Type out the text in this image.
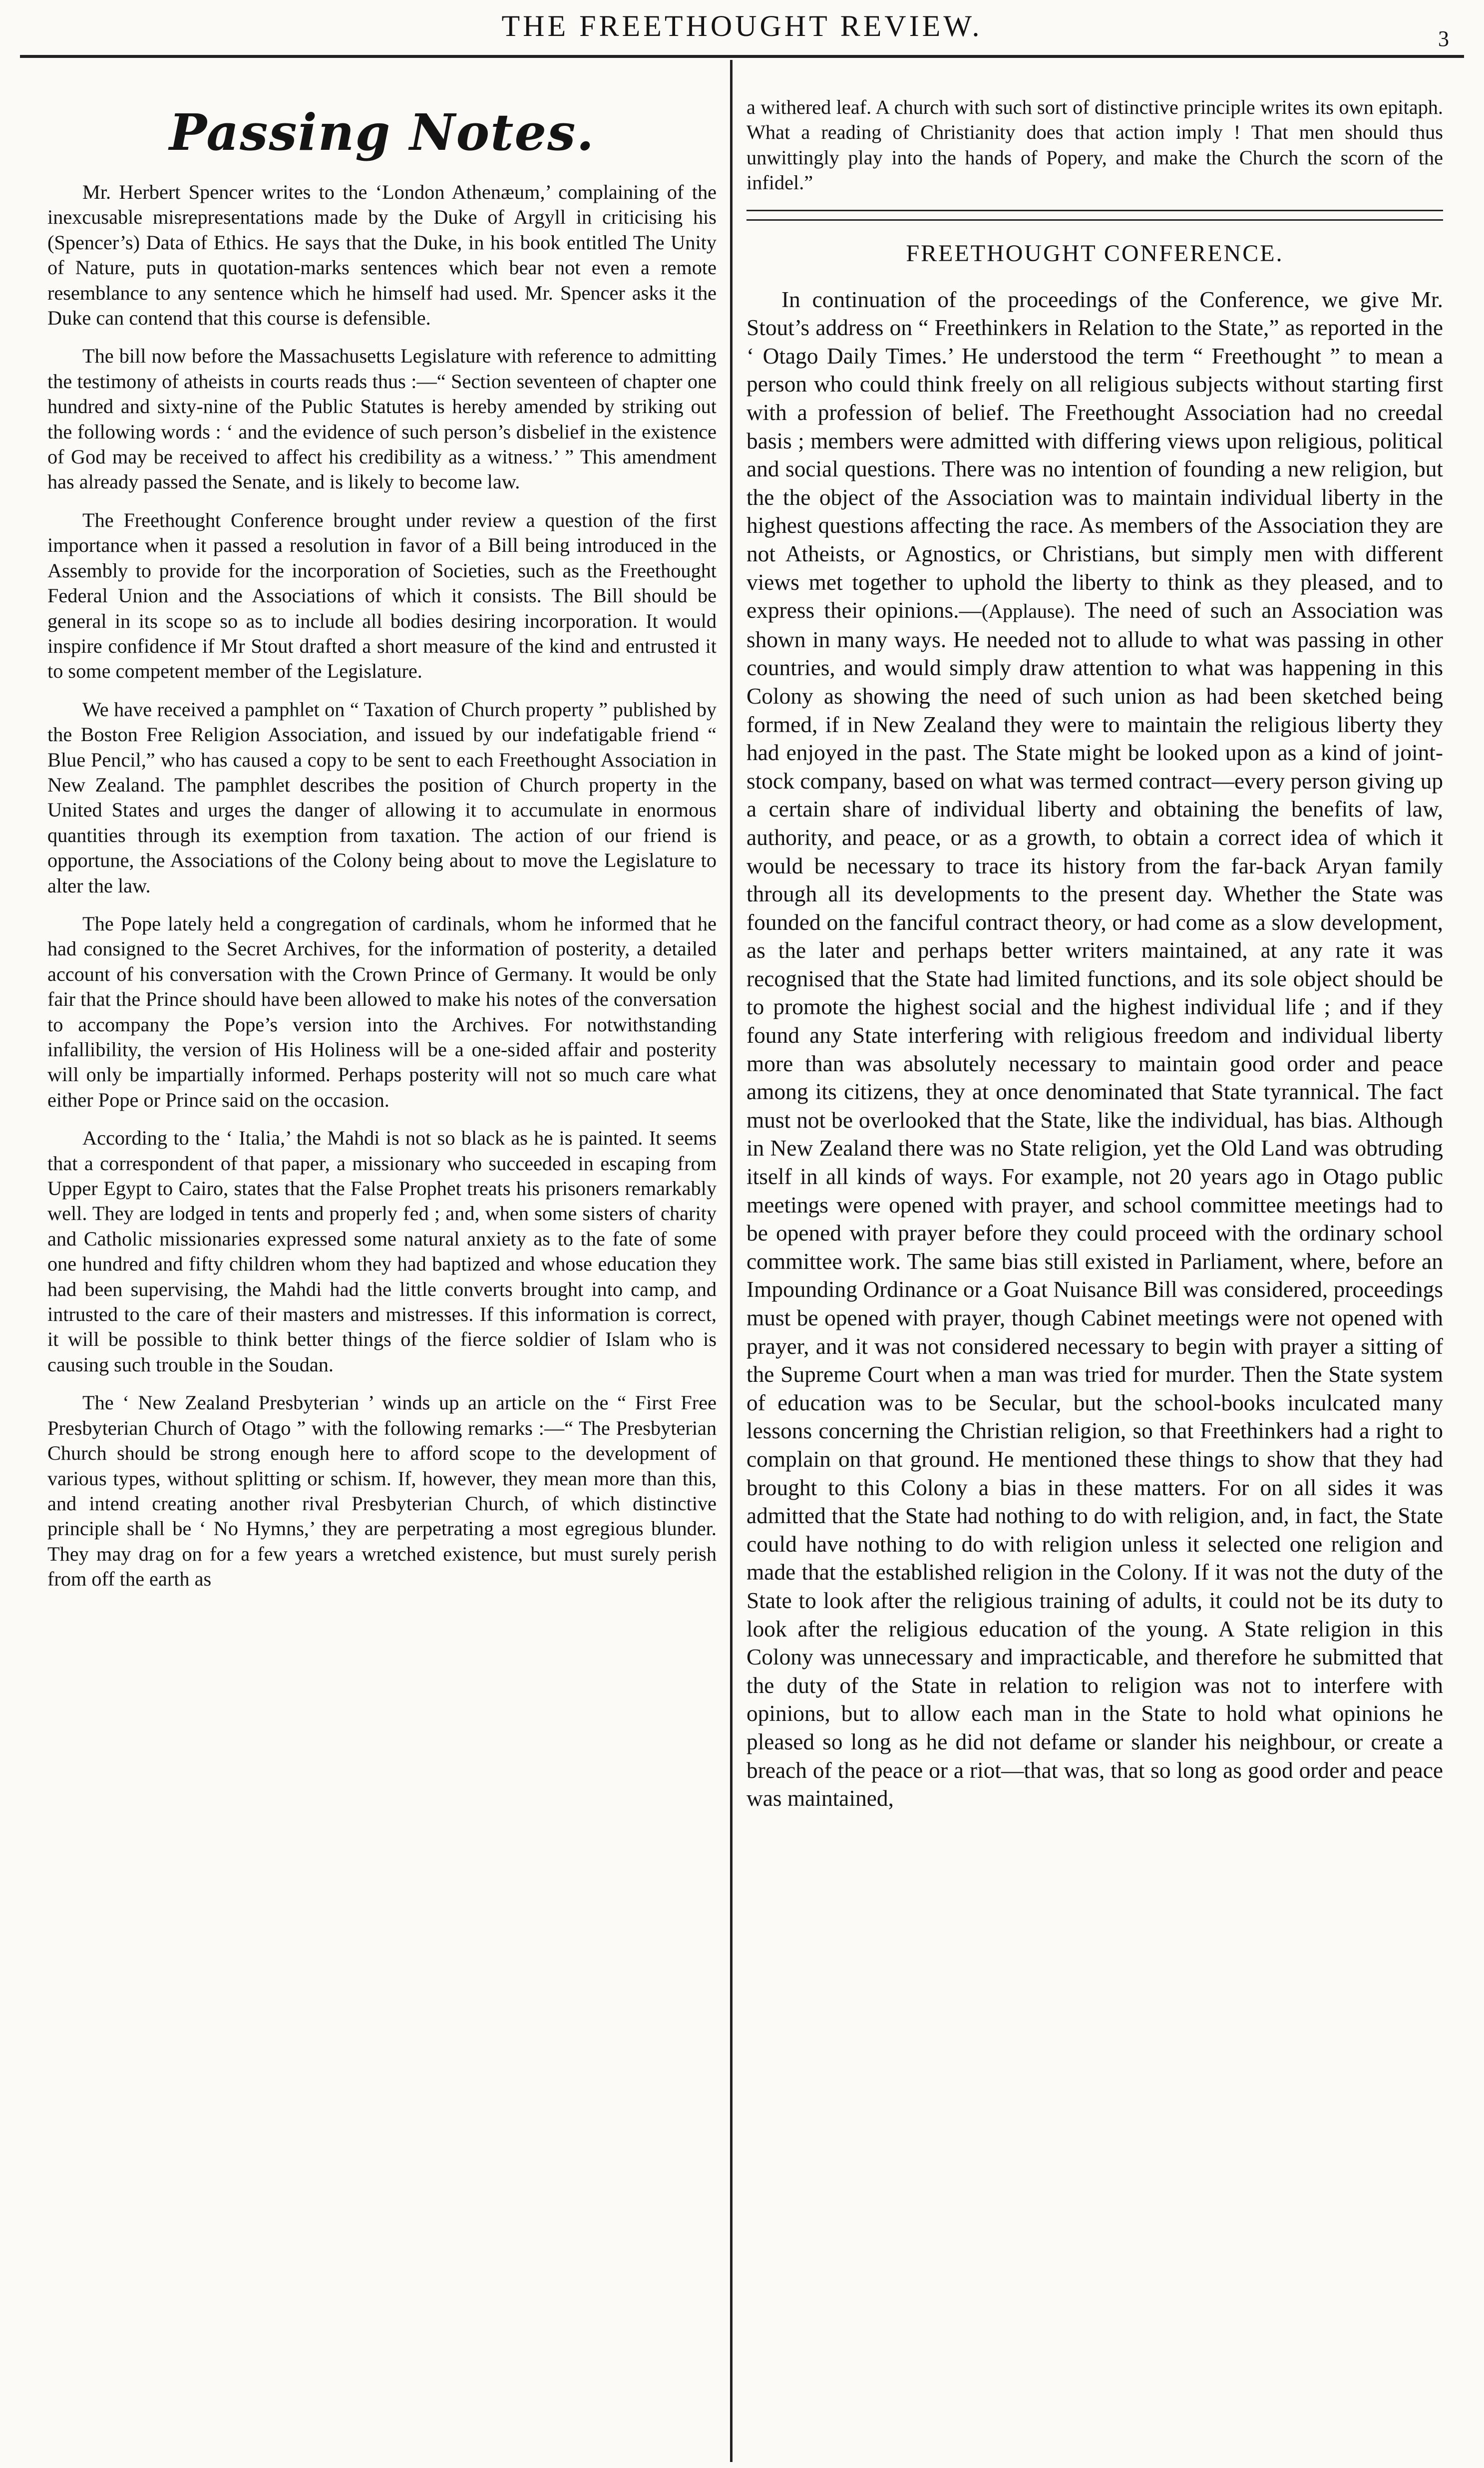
THE FREETHOUGHT REVIEW.	3
Passing Notes.

Mr. Herbert Spencer writes to the ‘London Athenæum,’ complaining of the inexcusable misrepresentations made by the Duke of Argyll in criticising his (Spencer’s) Data of Ethics. He says that the Duke, in his book entitled The Unity of Nature, puts in quotation-marks sentences which bear not even a remote resemblance to any sentence which he himself had used. Mr. Spencer asks it the Duke can contend that this course is defensible.

The bill now before the Massachusetts Legislature with reference to admitting the testimony of atheists in courts reads thus :—“ Section seventeen of chapter one hundred and sixty-nine of the Public Statutes is hereby amended by striking out the following words : ‘ and the evidence of such person’s disbelief in the existence of God may be received to affect his credibility as a witness.’ ” This amendment has already passed the Senate, and is likely to become law.

The Freethought Conference brought under review a question of the first importance when it passed a resolution in favor of a Bill being introduced in the Assembly to provide for the incorporation of Societies, such as the Freethought Federal Union and the Associations of which it consists. The Bill should be general in its scope so as to include all bodies desiring incorporation. It would inspire confidence if Mr Stout drafted a short measure of the kind and entrusted it to some competent member of the Legislature.

We have received a pamphlet on “ Taxation of Church property ” published by the Boston Free Religion Association, and issued by our indefatigable friend “ Blue Pencil,” who has caused a copy to be sent to each Freethought Association in New Zealand. The pamphlet describes the position of Church property in the United States and urges the danger of allowing it to accumulate in enormous quantities through its exemption from taxation. The action of our friend is opportune, the Associations of the Colony being about to move the Legislature to alter the law.

The Pope lately held a congregation of cardinals, whom he informed that he had consigned to the Secret Archives, for the information of posterity, a detailed account of his conversation with the Crown Prince of Germany. It would be only fair that the Prince should have been allowed to make his notes of the conversation to accompany the Pope’s version into the Archives. For notwithstanding infallibility, the version of His Holiness will be a one-sided affair and posterity will only be impartially informed. Perhaps posterity will not so much care what either Pope or Prince said on the occasion.

According to the ‘ Italia,’ the Mahdi is not so black as he is painted. It seems that a correspondent of that paper, a missionary who succeeded in escaping from Upper Egypt to Cairo, states that the False Prophet treats his prisoners remarkably well. They are lodged in tents and properly fed ; and, when some sisters of charity and Catholic missionaries expressed some natural anxiety as to the fate of some one hundred and fifty children whom they had baptized and whose education they had been supervising, the Mahdi had the little converts brought into camp, and intrusted to the care of their masters and mistresses. If this information is correct, it will be possible to think better things of the fierce soldier of Islam who is causing such trouble in the Soudan.

The ‘ New Zealand Presbyterian ’ winds up an article on the “ First Free Presbyterian Church of Otago ” with the following remarks :—“ The Presbyterian Church should be strong enough here to afford scope to the development of various types, without splitting or schism. If, however, they mean more than this, and intend creating another rival Presbyterian Church, of which distinctive principle shall be ‘ No Hymns,’ they are perpetrating a most egregious blunder. They may drag on for a few years a wretched existence, but must surely perish from off the earth as

a withered leaf. A church with such sort of distinctive principle writes its own epitaph. What a reading of Christianity does that action imply ! That men should thus unwittingly play into the hands of Popery, and make the Church the scorn of the infidel.”

FREETHOUGHT CONFERENCE.

In continuation of the proceedings of the Conference, we give Mr. Stout’s address on “ Freethinkers in Relation to the State,” as reported in the ‘ Otago Daily Times.’ He understood the term “ Freethought ” to mean a person who could think freely on all religious subjects without starting first with a profession of belief. The Freethought Association had no creedal basis ; members were admitted with differing views upon religious, political and social questions. There was no intention of founding a new religion, but the the object of the Association was to maintain individual liberty in the highest questions affecting the race. As members of the Association they are not Atheists, or Agnostics, or Christians, but simply men with different views met together to uphold the liberty to think as they pleased, and to express their opinions.—(Applause). The need of such an Association was shown in many ways. He needed not to allude to what was passing in other countries, and would simply draw attention to what was happening in this Colony as showing the need of such union as had been sketched being formed, if in New Zealand they were to maintain the religious liberty they had enjoyed in the past. The State might be looked upon as a kind of joint-stock company, based on what was termed contract—every person giving up a certain share of individual liberty and obtaining the benefits of law, authority, and peace, or as a growth, to obtain a correct idea of which it would be necessary to trace its history from the far-back Aryan family through all its developments to the present day. Whether the State was founded on the fanciful contract theory, or had come as a slow development, as the later and perhaps better writers maintained, at any rate it was recognised that the State had limited functions, and its sole object should be to promote the highest social and the highest individual life ; and if they found any State interfering with religious freedom and individual liberty more than was absolutely necessary to maintain good order and peace among its citizens, they at once denominated that State tyrannical. The fact must not be overlooked that the State, like the individual, has bias. Although in New Zealand there was no State religion, yet the Old Land was obtruding itself in all kinds of ways. For example, not 20 years ago in Otago public meetings were opened with prayer, and school committee meetings had to be opened with prayer before they could proceed with the ordinary school committee work. The same bias still existed in Parliament, where, before an Impounding Ordinance or a Goat Nuisance Bill was considered, proceedings must be opened with prayer, though Cabinet meetings were not opened with prayer, and it was not considered necessary to begin with prayer a sitting of the Supreme Court when a man was tried for murder. Then the State system of education was to be Secular, but the school-books inculcated many lessons concerning the Christian religion, so that Freethinkers had a right to complain on that ground. He mentioned these things to show that they had brought to this Colony a bias in these matters. For on all sides it was admitted that the State had nothing to do with religion, and, in fact, the State could have nothing to do with religion unless it selected one religion and made that the established religion in the Colony. If it was not the duty of the State to look after the religious training of adults, it could not be its duty to look after the religious education of the young. A State religion in this Colony was unnecessary and impracticable, and therefore he submitted that the duty of the State in relation to religion was not to interfere with opinions, but to allow each man in the State to hold what opinions he pleased so long as he did not defame or slander his neighbour, or create a breach of the peace or a riot—that was, that so long as good order and peace was maintained,
